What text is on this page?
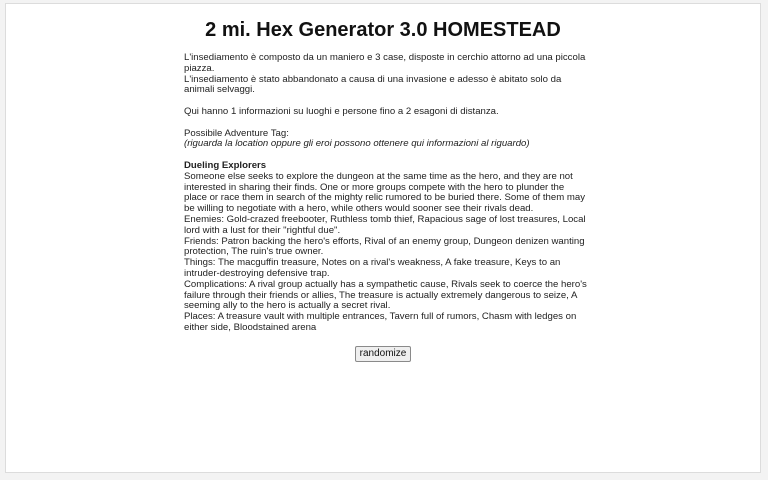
2 mi. Hex Generator 3.0 HOMESTEAD

L'insediamento è composto da un maniero e 3 case, disposte in cerchio attorno ad una piccola piazza.

L'insediamento è stato abbandonato a causa di una invasione e adesso è abitato solo da animali selvaggi.

Qui hanno 1 informazioni su luoghi e persone fino a 2 esagoni di distanza.

Possibile Adventure Tag:

(riguarda la location oppure gli eroi possono ottenere qui informazioni al riguardo)

Dueling Explorers

Someone else seeks to explore the dungeon at the same time as the hero, and they are not interested in sharing their finds. One or more groups compete with the hero to plunder the place or race them in search of the mighty relic rumored to be buried there. Some of them may be willing to negotiate with a hero, while others would sooner see their rivals dead.

Enemies: Gold-crazed freebooter, Ruthless tomb thief, Rapacious sage of lost treasures, Local lord with a lust for their "rightful due".

Friends: Patron backing the hero's efforts, Rival of an enemy group, Dungeon denizen wanting protection, The ruin's true owner.

Things: The macguffin treasure, Notes on a rival's weakness, A fake treasure, Keys to an intruder-destroying defensive trap.

Complications: A rival group actually has a sympathetic cause, Rivals seek to coerce the hero's failure through their friends or allies, The treasure is actually extremely dangerous to seize, A seeming ally to the hero is actually a secret rival.

Places: A treasure vault with multiple entrances, Tavern full of rumors, Chasm with ledges on either side, Bloodstained arena

randomize
